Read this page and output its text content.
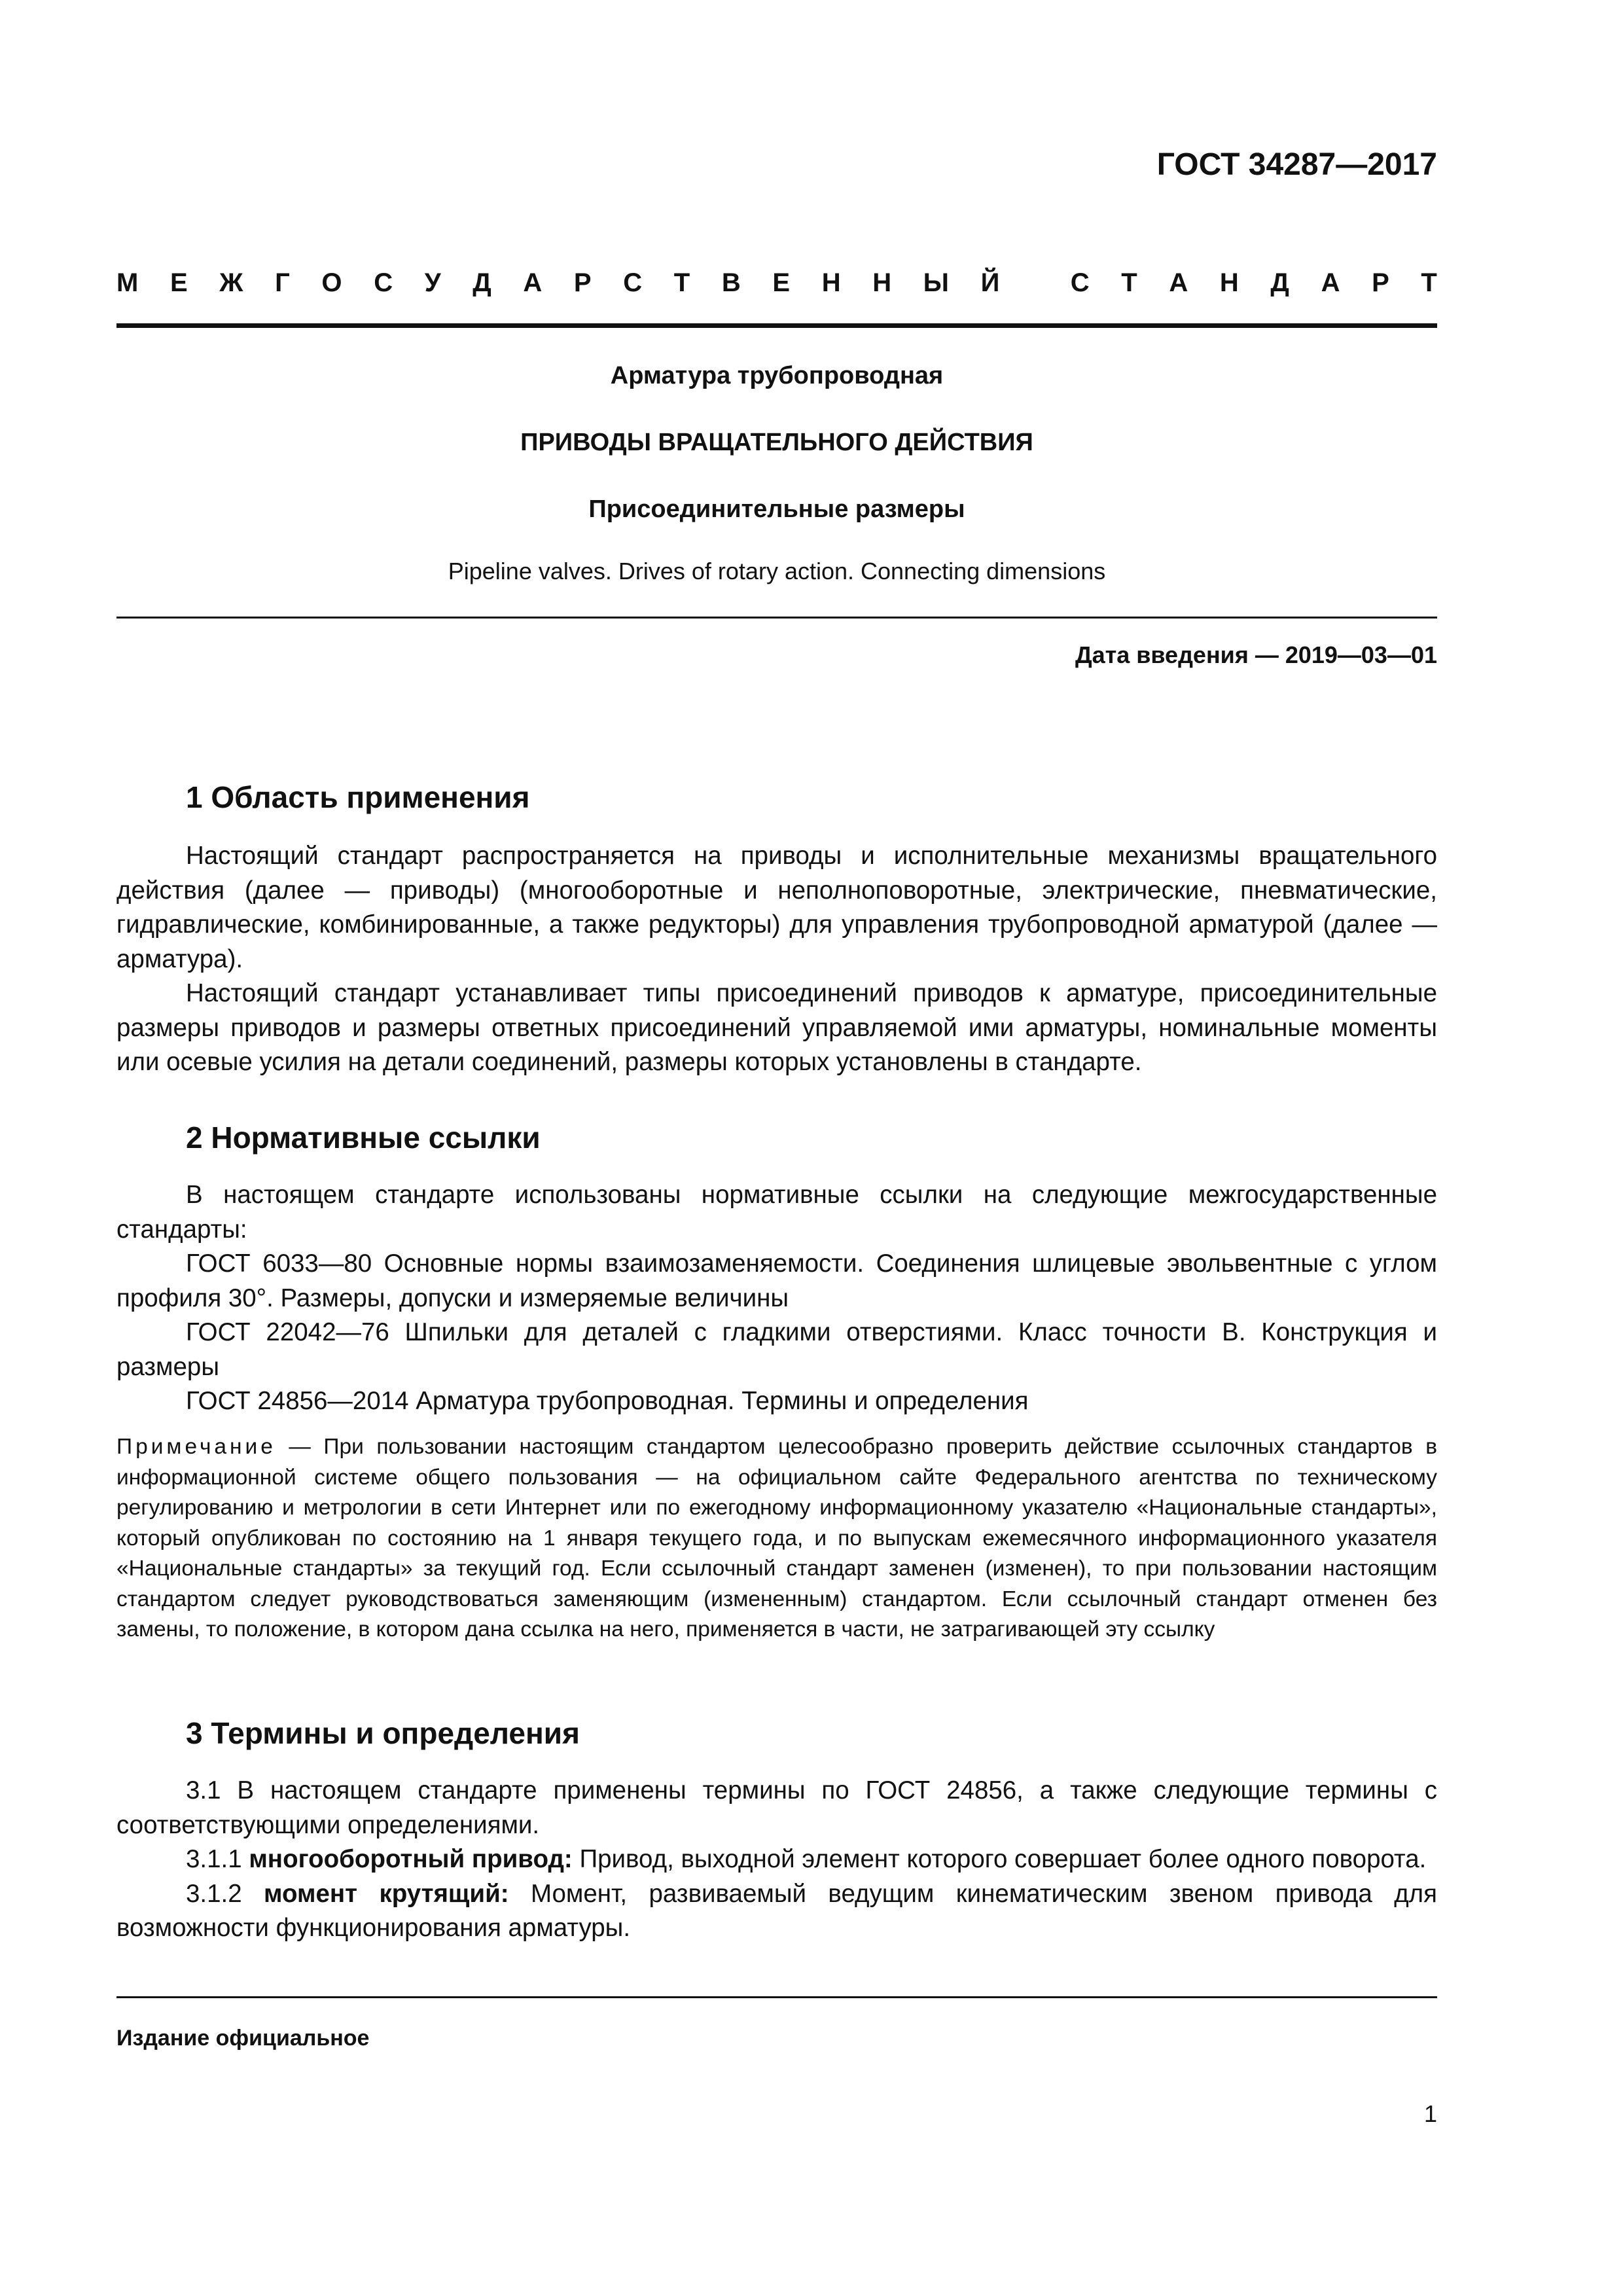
ГОСТ 34287—2017
М Е Ж Г О С У Д А Р С Т В Е Н Н Ы Й
	С Т А Н Д А Р Т
Арматура трубопроводная
ПРИВОДЫ ВРАЩАТЕЛЬНОГО ДЕЙСТВИЯ
Присоединительные размеры
Pipeline valves. Drives of rotary action. Connecting dimensions
Дата введения — 2019—03—01
1 Область применения

Настоящий стандарт распространяется на приводы и исполнительные механизмы вращательного действия (далее — приводы) (многооборотные и неполноповоротные, электрические, пневматические, гидравлические, комбинированные, а также редукторы) для управления трубопроводной арматурой (далее — арматура).

Настоящий стандарт устанавливает типы присоединений приводов к арматуре, присоединительные размеры приводов и размеры ответных присоединений управляемой ими арматуры, номинальные моменты или осевые усилия на детали соединений, размеры которых установлены в стандарте.

2 Нормативные ссылки

В настоящем стандарте использованы нормативные ссылки на следующие межгосударственные стандарты:

ГОСТ 6033—80 Основные нормы взаимозаменяемости. Соединения шлицевые эвольвентные с углом профиля 30°. Размеры, допуски и измеряемые величины

ГОСТ 22042—76 Шпильки для деталей с гладкими отверстиями. Класс точности В. Конструкция и размеры

ГОСТ 24856—2014 Арматура трубопроводная. Термины и определения

Примечание — При пользовании настоящим стандартом целесообразно проверить действие ссылочных стандартов в информационной системе общего пользования — на официальном сайте Федерального агентства по техническому регулированию и метрологии в сети Интернет или по ежегодному информационному указателю «Национальные стандарты», который опубликован по состоянию на 1 января текущего года, и по выпускам ежемесячного информационного указателя «Национальные стандарты» за текущий год. Если ссылочный стандарт заменен (изменен), то при пользовании настоящим стандартом следует руководствоваться заменяющим (измененным) стандартом. Если ссылочный стандарт отменен без замены, то положение, в котором дана ссылка на него, применяется в части, не затрагивающей эту ссылку
3 Термины и определения

3.1 В настоящем стандарте применены термины по ГОСТ 24856, а также следующие термины с соответствующими определениями.

3.1.1 многооборотный привод: Привод, выходной элемент которого совершает более одного поворота.

3.1.2 момент крутящий: Момент, развиваемый ведущим кинематическим звеном привода для возможности функционирования арматуры.

Издание официальное
1
